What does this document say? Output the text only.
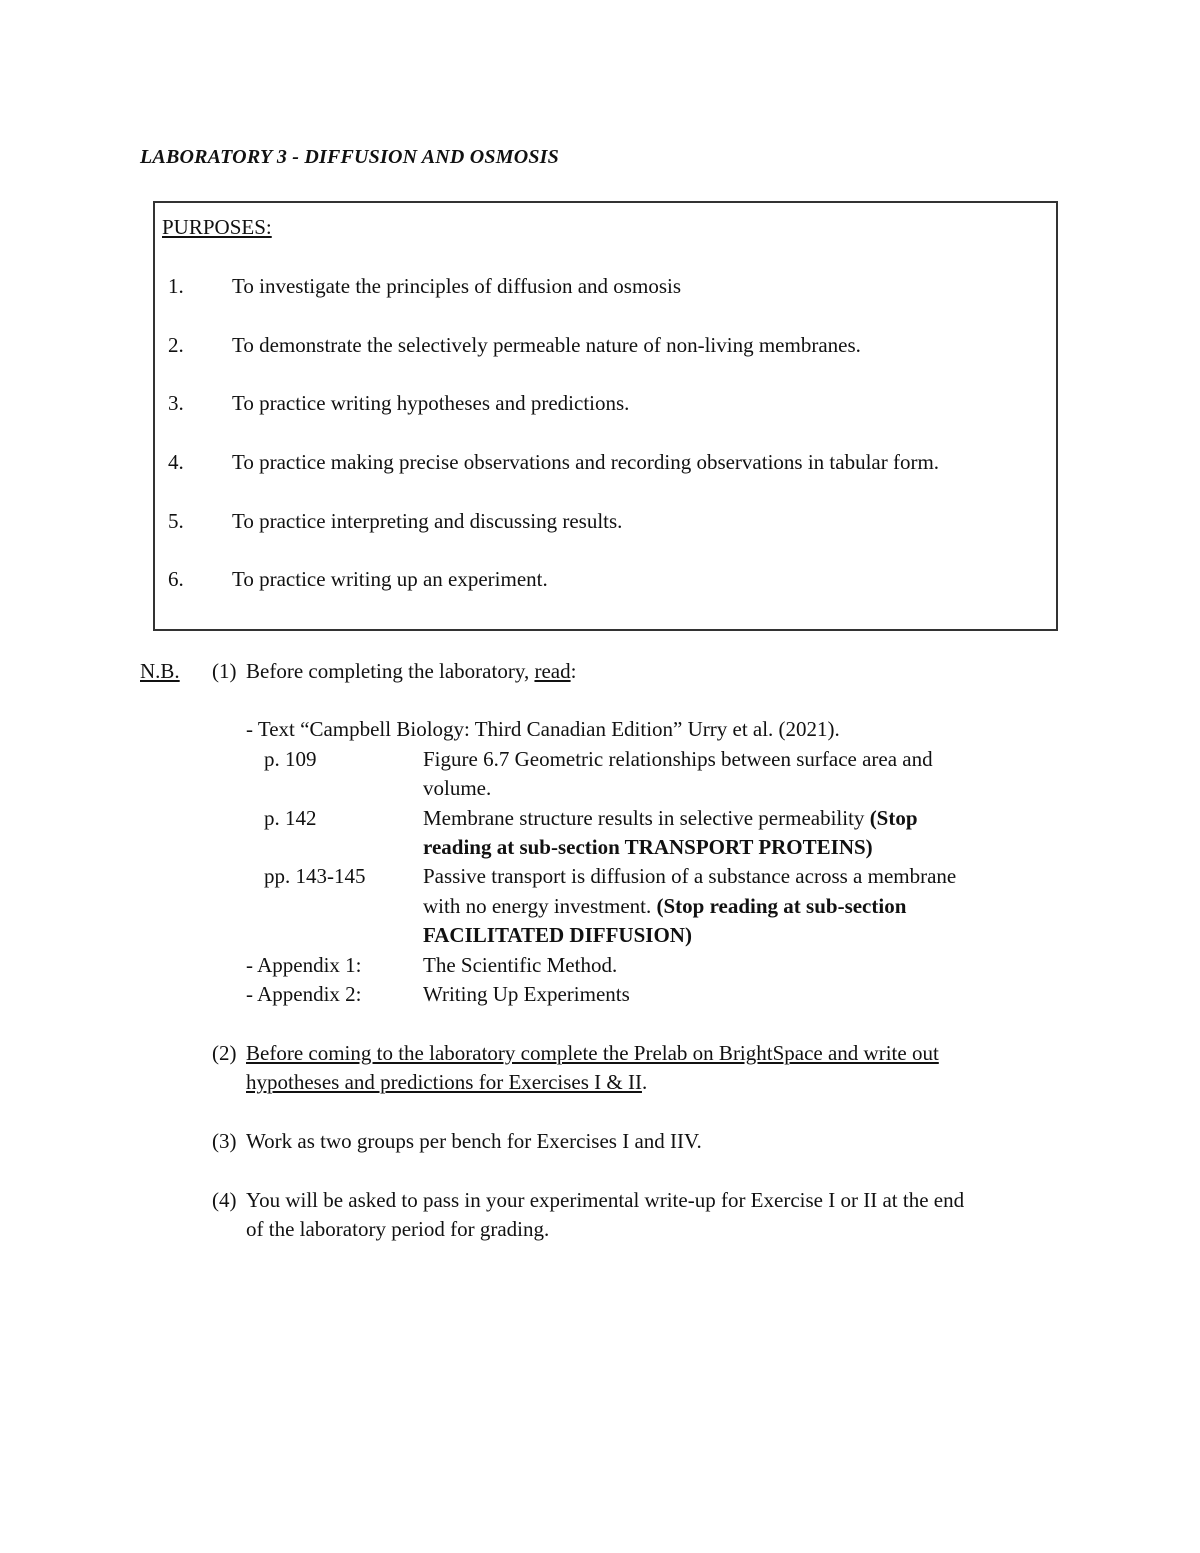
LABORATORY 3 - DIFFUSION AND OSMOSIS
PURPOSES:
1. To investigate the principles of diffusion and osmosis
2. To demonstrate the selectively permeable nature of non-living membranes.
3. To practice writing hypotheses and predictions.
4. To practice making precise observations and recording observations in tabular form.
5. To practice interpreting and discussing results.
6. To practice writing up an experiment.
N.B. (1) Before completing the laboratory, read:
- Text “Campbell Biology: Third Canadian Edition” Urry et al. (2021).
p. 109	Figure 6.7 Geometric relationships between surface area and
volume.
p. 142	Membrane structure results in selective permeability (Stop
reading at sub-section TRANSPORT PROTEINS)
pp. 143-145	Passive transport is diffusion of a substance across a membrane
with no energy investment. (Stop reading at sub-section
FACILITATED DIFFUSION)
- Appendix 1:	The Scientific Method.
- Appendix 2:	Writing Up Experiments
(2) Before coming to the laboratory complete the Prelab on BrightSpace and write out
hypotheses and predictions for Exercises I & II.
(3) Work as two groups per bench for Exercises I and IIV.
(4) You will be asked to pass in your experimental write-up for Exercise I or II at the end
of the laboratory period for grading.
